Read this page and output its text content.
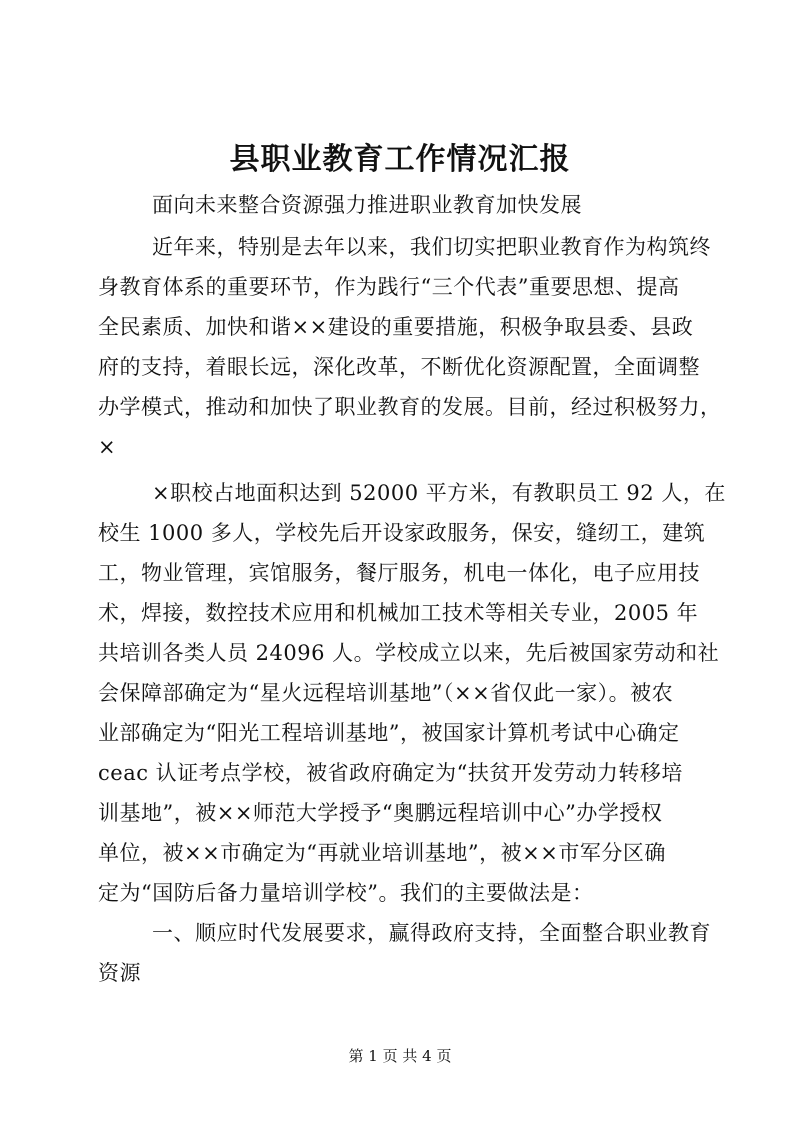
县职业教育工作情况汇报
面向未来整合资源强力推进职业教育加快发展
近年来，特别是去年以来，我们切实把职业教育作为构筑终
身教育体系的重要环节，作为践行“三个代表”重要思想、提高
全民素质、加快和谐××建设的重要措施，积极争取县委、县政
府的支持，着眼长远，深化改革，不断优化资源配置，全面调整
办学模式，推动和加快了职业教育的发展。目前，经过积极努力，
×
×职校占地面积达到 52000 平方米，有教职员工 92 人，在
校生 1000 多人，学校先后开设家政服务，保安，缝纫工，建筑
工，物业管理，宾馆服务，餐厅服务，机电一体化，电子应用技
术，焊接，数控技术应用和机械加工技术等相关专业，2005 年
共培训各类人员 24096 人。学校成立以来，先后被国家劳动和社
会保障部确定为“星火远程培训基地”（××省仅此一家）。被农
业部确定为“阳光工程培训基地”，被国家计算机考试中心确定
ceac 认证考点学校，被省政府确定为“扶贫开发劳动力转移培
训基地”，被××师范大学授予“奥鹏远程培训中心”办学授权
单位，被××市确定为“再就业培训基地”，被××市军分区确
定为“国防后备力量培训学校”。我们的主要做法是：
一、顺应时代发展要求，赢得政府支持，全面整合职业教育
资源
第 1 页 共 4 页
